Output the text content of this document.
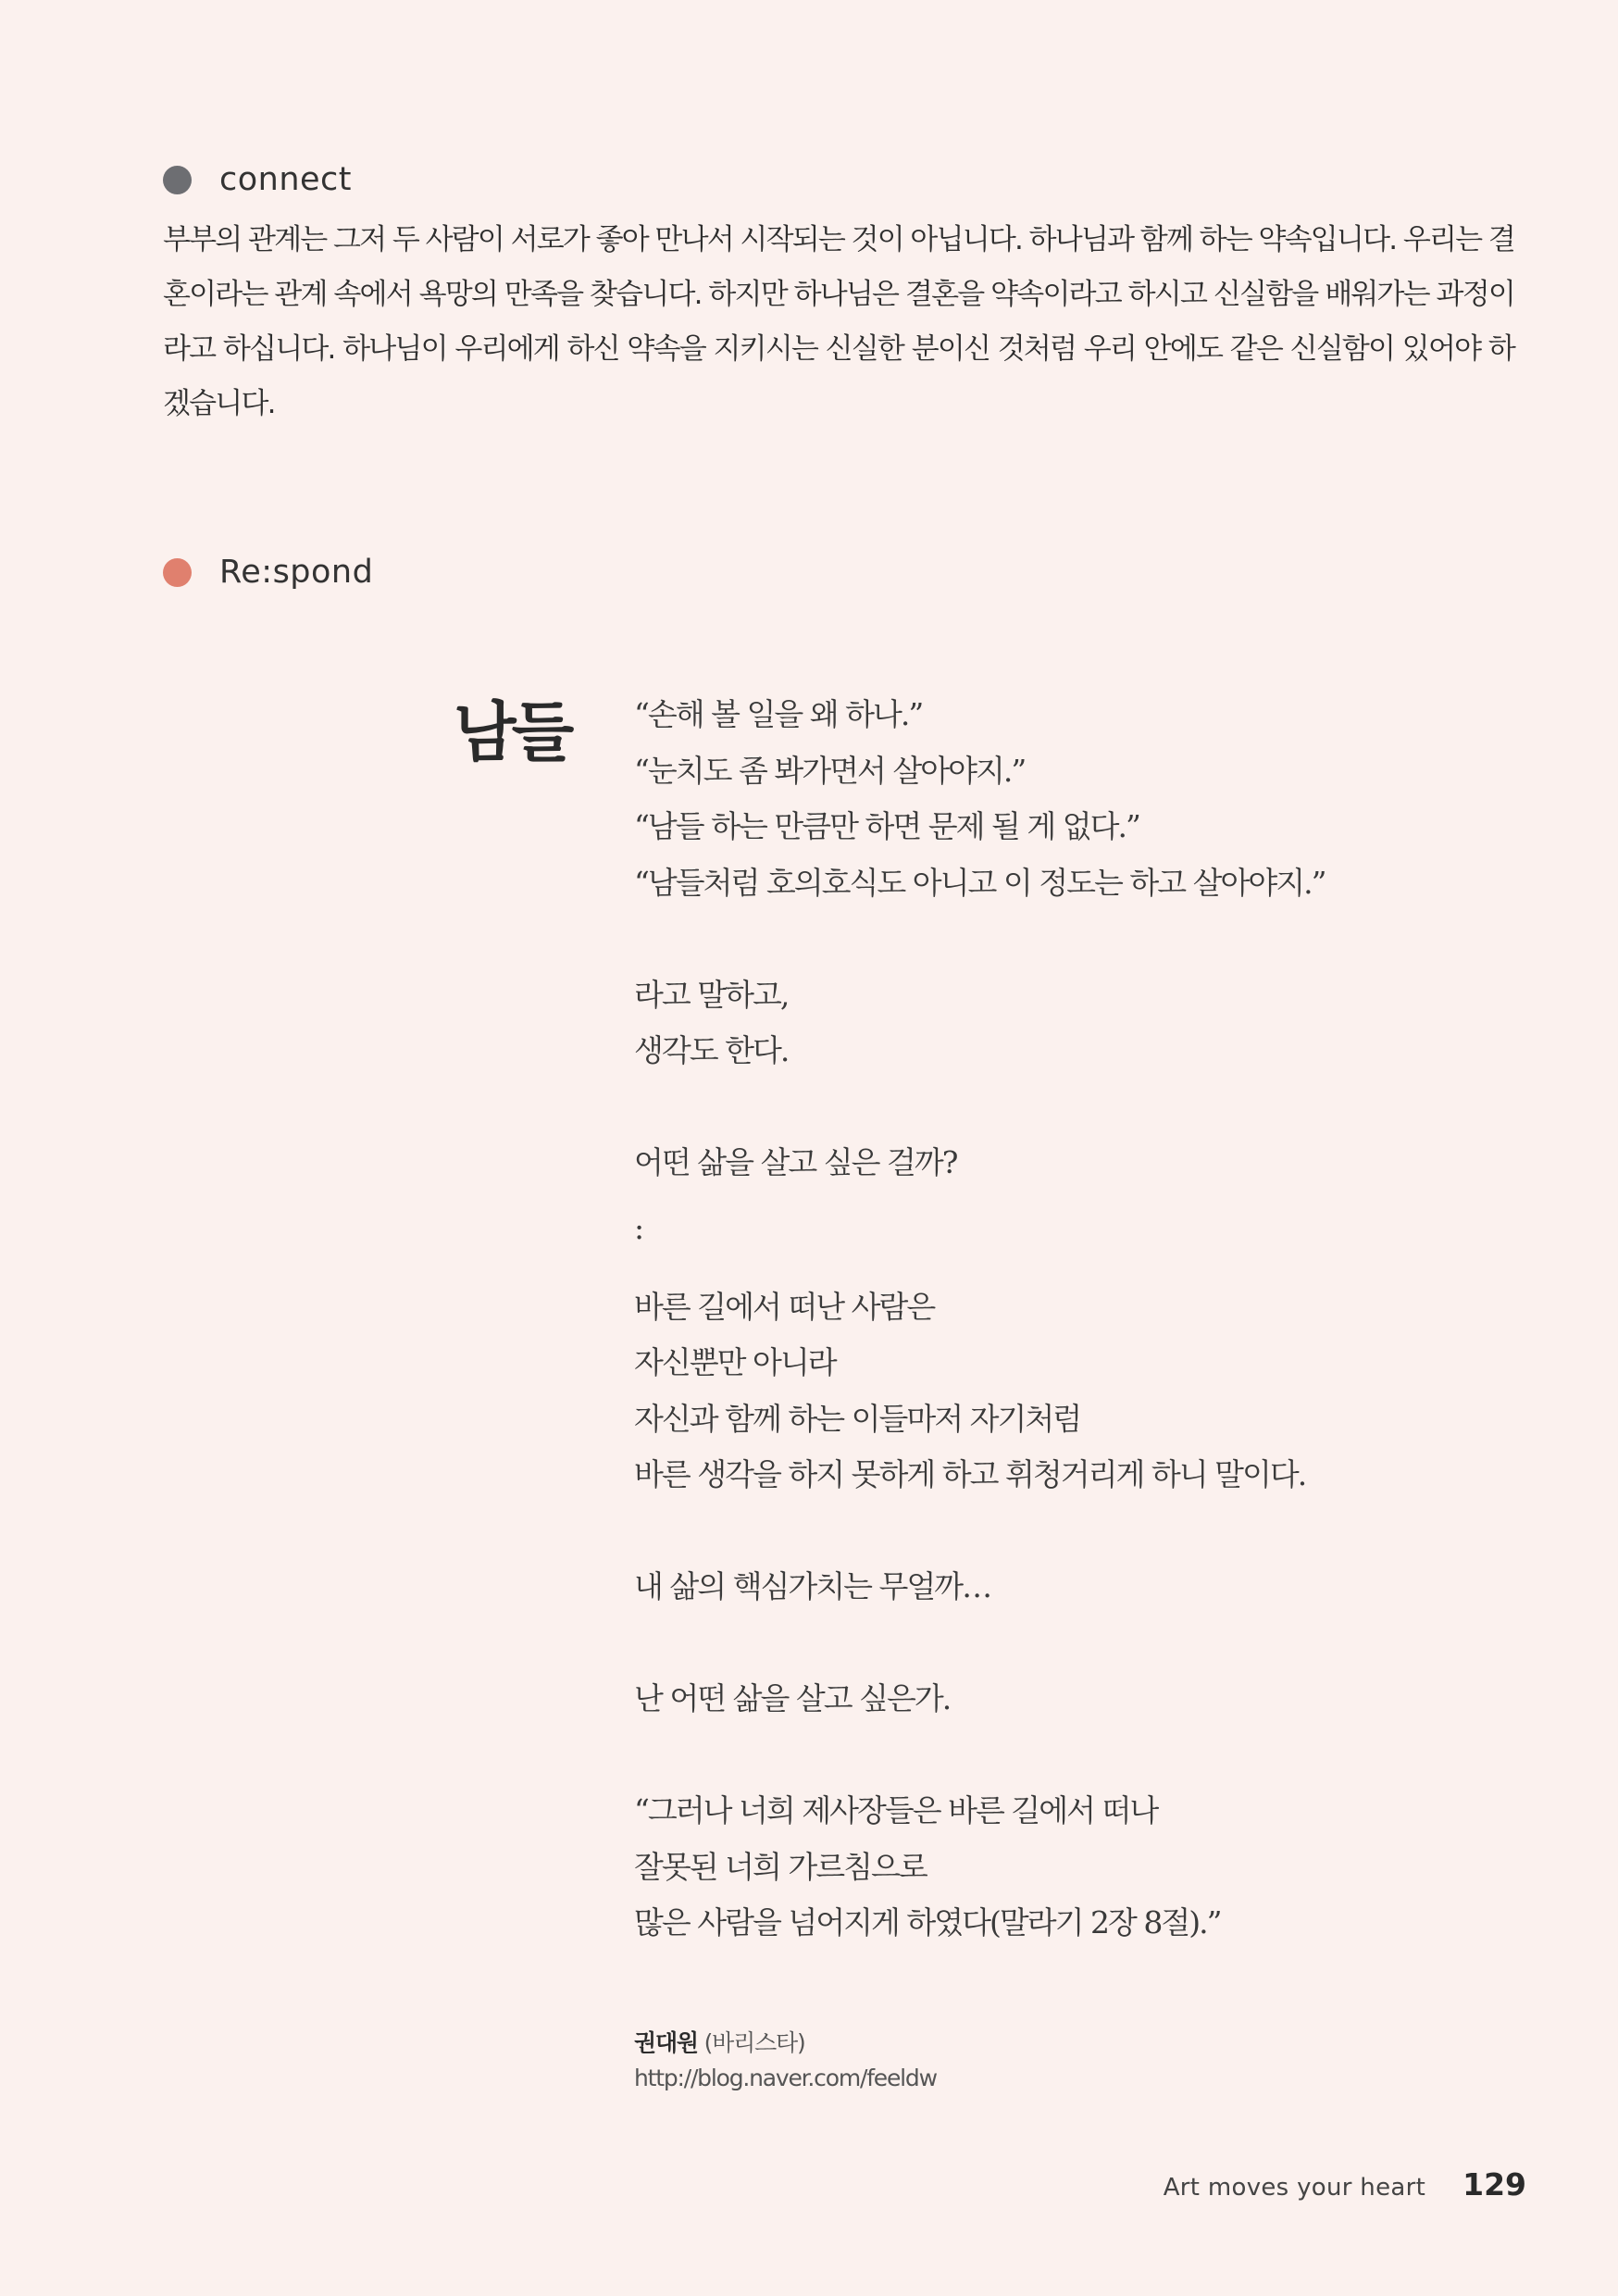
connect

부부의 관계는 그저 두 사람이 서로가 좋아 만나서 시작되는 것이 아닙니다. 하나님과 함께 하는 약속입니다. 우리는 결혼이라는 관계 속에서 욕망의 만족을 찾습니다. 하지만 하나님은 결혼을 약속이라고 하시고 신실함을 배워가는 과정이라고 하십니다. 하나님이 우리에게 하신 약속을 지키시는 신실한 분이신 것처럼 우리 안에도 같은 신실함이 있어야 하겠습니다.

Re:spond
남들 “손해 볼 일을 왜 하나.”
“눈치도 좀 봐가면서 살아야지.”
“남들 하는 만큼만 하면 문제 될 게 없다.”
“남들처럼 호의호식도 아니고 이 정도는 하고 살아야지.”
라고 말하고,
생각도 한다.
어떤 삶을 살고 싶은 걸까?
:
바른 길에서 떠난 사람은
자신뿐만 아니라
자신과 함께 하는 이들마저 자기처럼
바른 생각을 하지 못하게 하고 휘청거리게 하니 말이다.
내 삶의 핵심가치는 무얼까…
난 어떤 삶을 살고 싶은가.
“그러나 너희 제사장들은 바른 길에서 떠나
잘못된 너희 가르침으로
많은 사람을 넘어지게 하였다(말라기 2장 8절).”
권대원 (바리스타)
http://blog.naver.com/feeldw
Art moves your heart 129
